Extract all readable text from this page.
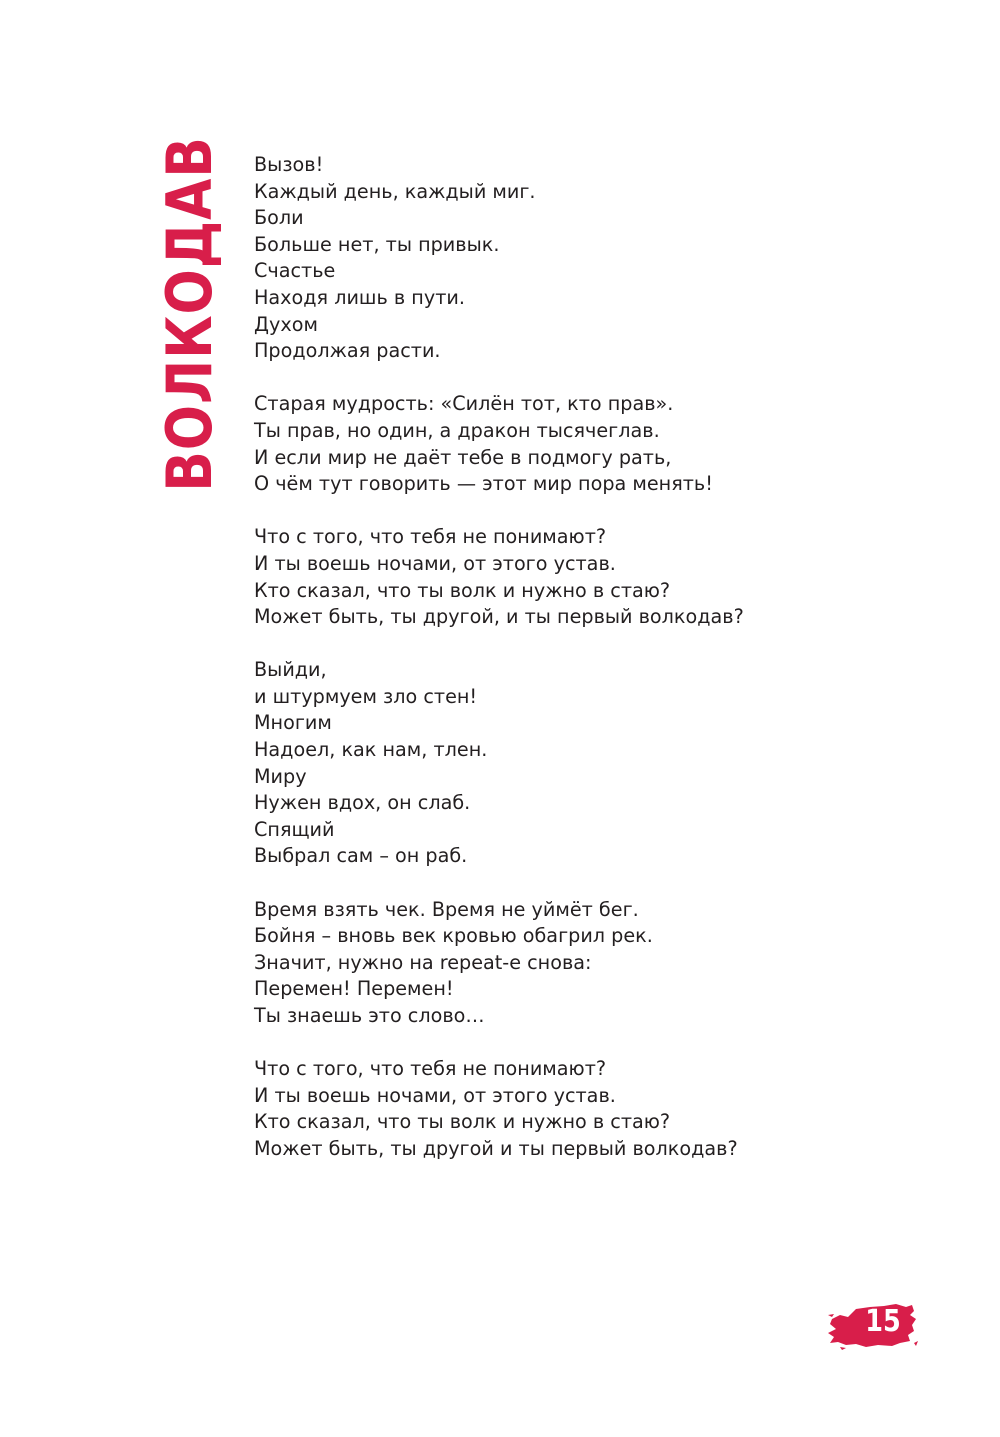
ВОЛКОДАВ Вызов!
Каждый день, каждый миг.
Боли
Больше нет, ты привык.
Счастье
Находя лишь в пути.
Духом
Продолжая расти.
Старая мудрость: «Силён тот, кто прав».
Ты прав, но один, а дракон тысячеглав.
И если мир не даёт тебе в подмогу рать,
О чём тут говорить — этот мир пора менять!
Что с того, что тебя не понимают?
И ты воешь ночами, от этого устав.
Кто сказал, что ты волк и нужно в стаю?
Может быть, ты другой, и ты первый волкодав?
Выйди,
и штурмуем зло стен!
Многим
Надоел, как нам, тлен.
Миру
Нужен вдох, он слаб.
Спящий
Выбрал сам – он раб.
Время взять чек. Время не уймёт бег.
Бойня – вновь век кровью обагрил рек.
Значит, нужно на repeat-е снова:
Перемен! Перемен!
Ты знаешь это слово…
Что с того, что тебя не понимают?
И ты воешь ночами, от этого устав.
Кто сказал, что ты волк и нужно в стаю?
Может быть, ты другой и ты первый волкодав?
15
